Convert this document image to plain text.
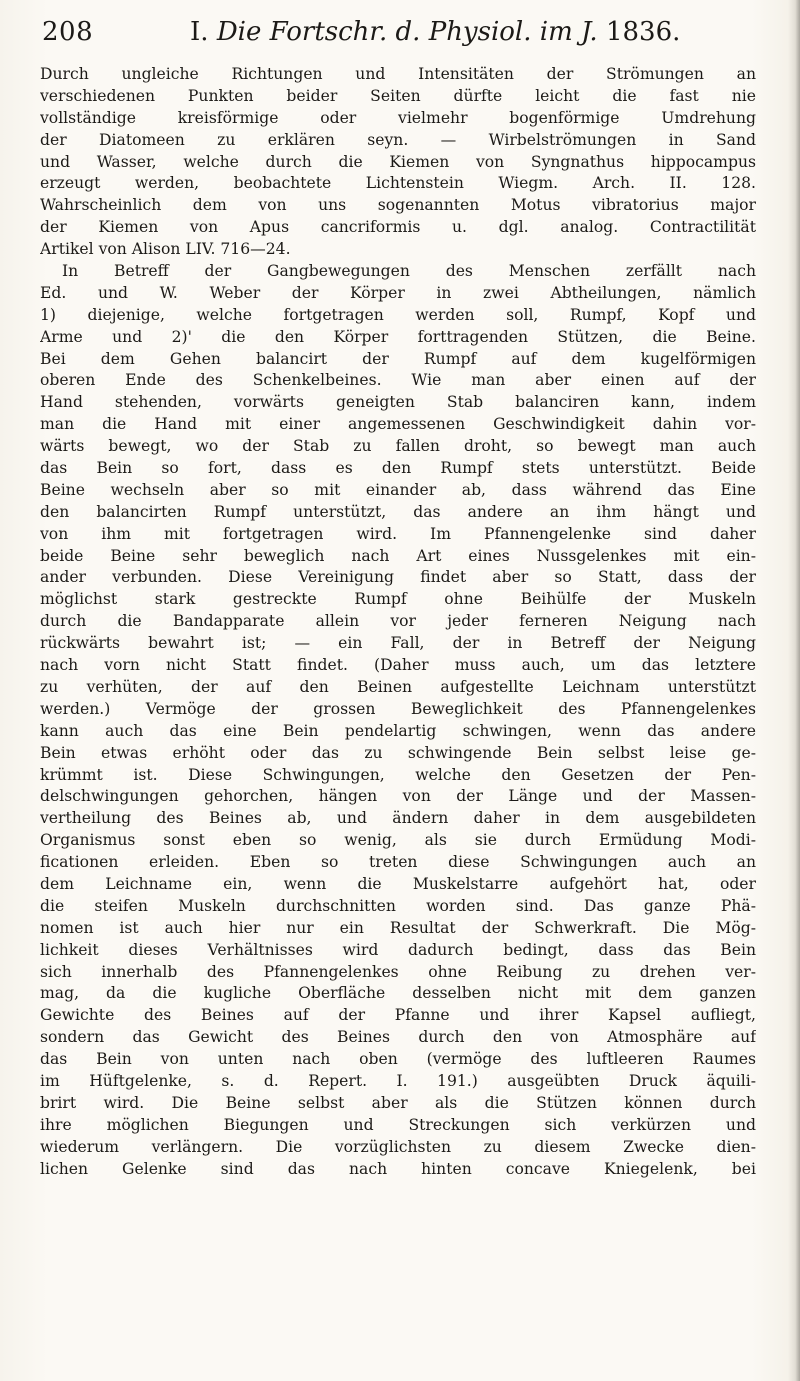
208	I. Die Fortschr. d. Physiol. im J. 1836.
Durch ungleiche Richtungen und Intensitäten der Strömungen an
verschiedenen Punkten beider Seiten dürfte leicht die fast nie
vollständige kreisförmige oder vielmehr bogenförmige Umdrehung
der Diatomeen zu erklären seyn. — Wirbelströmungen in Sand
und Wasser, welche durch die Kiemen von Syngnathus hippocampus
erzeugt werden, beobachtete Lichtenstein Wiegm. Arch. II. 128.
Wahrscheinlich dem von uns sogenannten Motus vibratorius major
der Kiemen von Apus cancriformis u. dgl. analog. Contractilität
Artikel von Alison LIV. 716—24.
In Betreff der Gangbewegungen des Menschen zerfällt nach
Ed. und W. Weber der Körper in zwei Abtheilungen, nämlich
1) diejenige, welche fortgetragen werden soll, Rumpf, Kopf und
Arme und 2)' die den Körper forttragenden Stützen, die Beine.
Bei dem Gehen balancirt der Rumpf auf dem kugelförmigen
oberen Ende des Schenkelbeines. Wie man aber einen auf der
Hand stehenden, vorwärts geneigten Stab balanciren kann, indem
man die Hand mit einer angemessenen Geschwindigkeit dahin vor-
wärts bewegt, wo der Stab zu fallen droht, so bewegt man auch
das Bein so fort, dass es den Rumpf stets unterstützt. Beide
Beine wechseln aber so mit einander ab, dass während das Eine
den balancirten Rumpf unterstützt, das andere an ihm hängt und
von ihm mit fortgetragen wird. Im Pfannengelenke sind daher
beide Beine sehr beweglich nach Art eines Nussgelenkes mit ein-
ander verbunden. Diese Vereinigung findet aber so Statt, dass der
möglichst stark gestreckte Rumpf ohne Beihülfe der Muskeln
durch die Bandapparate allein vor jeder ferneren Neigung nach
rückwärts bewahrt ist; — ein Fall, der in Betreff der Neigung
nach vorn nicht Statt findet. (Daher muss auch, um das letztere
zu verhüten, der auf den Beinen aufgestellte Leichnam unterstützt
werden.) Vermöge der grossen Beweglichkeit des Pfannengelenkes
kann auch das eine Bein pendelartig schwingen, wenn das andere
Bein etwas erhöht oder das zu schwingende Bein selbst leise ge-
krümmt ist. Diese Schwingungen, welche den Gesetzen der Pen-
delschwingungen gehorchen, hängen von der Länge und der Massen-
vertheilung des Beines ab, und ändern daher in dem ausgebildeten
Organismus sonst eben so wenig, als sie durch Ermüdung Modi-
ficationen erleiden. Eben so treten diese Schwingungen auch an
dem Leichname ein, wenn die Muskelstarre aufgehört hat, oder
die steifen Muskeln durchschnitten worden sind. Das ganze Phä-
nomen ist auch hier nur ein Resultat der Schwerkraft. Die Mög-
lichkeit dieses Verhältnisses wird dadurch bedingt, dass das Bein
sich innerhalb des Pfannengelenkes ohne Reibung zu drehen ver-
mag, da die kugliche Oberfläche desselben nicht mit dem ganzen
Gewichte des Beines auf der Pfanne und ihrer Kapsel aufliegt,
sondern das Gewicht des Beines durch den von Atmosphäre auf
das Bein von unten nach oben (vermöge des luftleeren Raumes
im Hüftgelenke, s. d. Repert. I. 191.) ausgeübten Druck äquili-
brirt wird. Die Beine selbst aber als die Stützen können durch
ihre möglichen Biegungen und Streckungen sich verkürzen und
wiederum verlängern. Die vorzüglichsten zu diesem Zwecke dien-
lichen Gelenke sind das nach hinten concave Kniegelenk, bei
